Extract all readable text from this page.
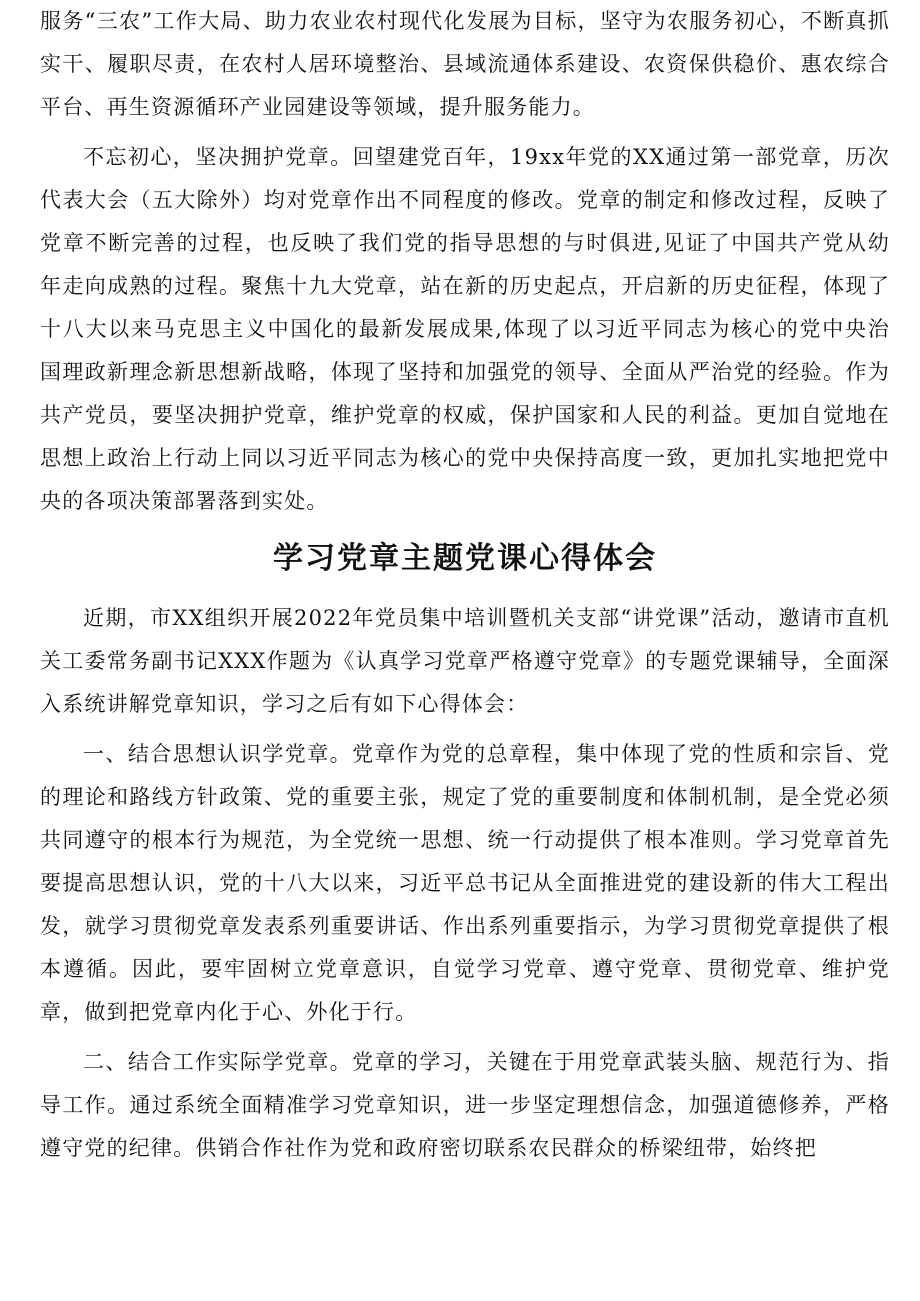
服务“三农”工作大局、助力农业农村现代化发展为目标，坚守为农服务初心，不断真抓实干、履职尽责，在农村人居环境整治、县域流通体系建设、农资保供稳价、惠农综合平台、再生资源循环产业园建设等领域，提升服务能力。

不忘初心，坚决拥护党章。回望建党百年，19xx年党的XX通过第一部党章，历次代表大会（五大除外）均对党章作出不同程度的修改。党章的制定和修改过程，反映了党章不断完善的过程，也反映了我们党的指导思想的与时俱进,见证了中国共产党从幼年走向成熟的过程。聚焦十九大党章，站在新的历史起点，开启新的历史征程，体现了十八大以来马克思主义中国化的最新发展成果,体现了以习近平同志为核心的党中央治国理政新理念新思想新战略，体现了坚持和加强党的领导、全面从严治党的经验。作为共产党员，要坚决拥护党章，维护党章的权威，保护国家和人民的利益。更加自觉地在思想上政治上行动上同以习近平同志为核心的党中央保持高度一致，更加扎实地把党中央的各项决策部署落到实处。

学习党章主题党课心得体会

近期，市XX组织开展2022年党员集中培训暨机关支部“讲党课”活动，邀请市直机关工委常务副书记XXX作题为《认真学习党章严格遵守党章》的专题党课辅导，全面深入系统讲解党章知识，学习之后有如下心得体会：

一、结合思想认识学党章。党章作为党的总章程，集中体现了党的性质和宗旨、党的理论和路线方针政策、党的重要主张，规定了党的重要制度和体制机制，是全党必须共同遵守的根本行为规范，为全党统一思想、统一行动提供了根本准则。学习党章首先要提高思想认识，党的十八大以来，习近平总书记从全面推进党的建设新的伟大工程出发，就学习贯彻党章发表系列重要讲话、作出系列重要指示，为学习贯彻党章提供了根本遵循。因此，要牢固树立党章意识，自觉学习党章、遵守党章、贯彻党章、维护党章，做到把党章内化于心、外化于行。

二、结合工作实际学党章。党章的学习，关键在于用党章武装头脑、规范行为、指导工作。通过系统全面精准学习党章知识，进一步坚定理想信念，加强道德修养，严格遵守党的纪律。供销合作社作为党和政府密切联系农民群众的桥梁纽带，始终把
